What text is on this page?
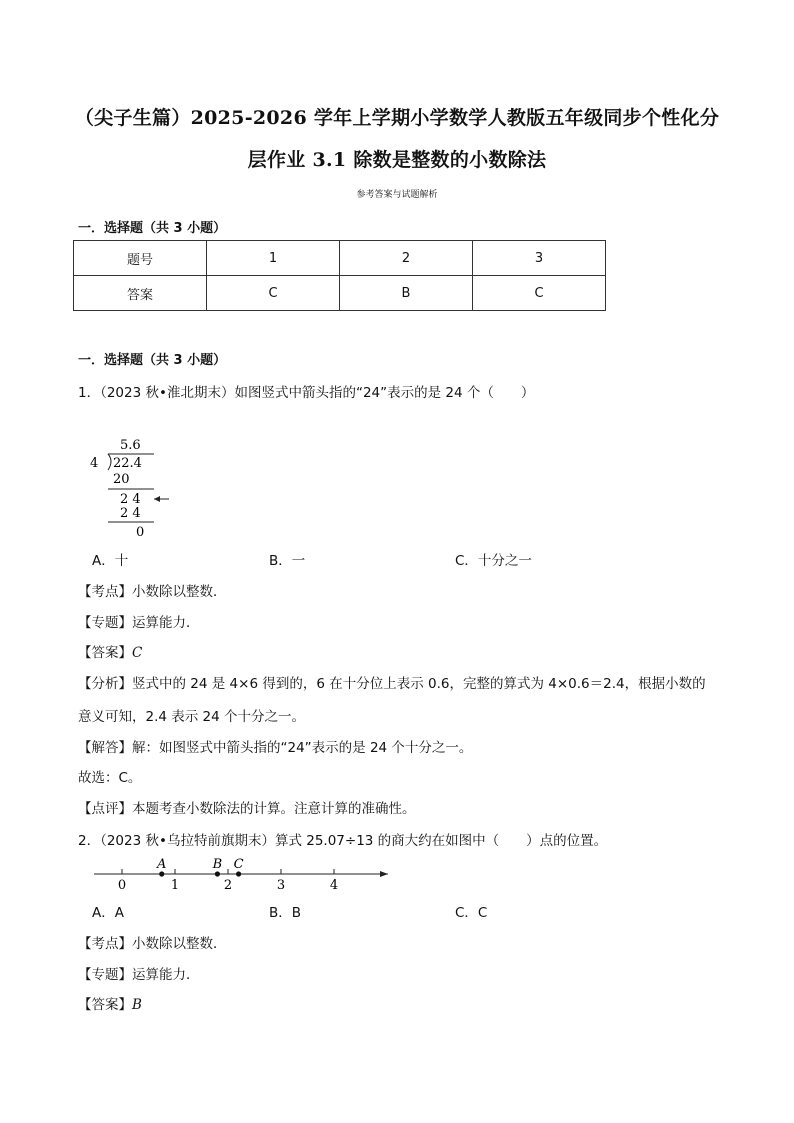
（尖子生篇）2025-2026 学年上学期小学数学人教版五年级同步个性化分
层作业 3.1 除数是整数的小数除法
参考答案与试题解析
一．选择题（共 3 小题）
题号	1	2	3
答案	C	B	C
一．选择题（共 3 小题）
1．（2023 秋•淮北期末）如图竖式中箭头指的“24”表示的是 24 个（　　）
5.6
4 22.4
20
2 4
2 4
0
A．十	B．一	C．十分之一
【考点】小数除以整数．
【专题】运算能力．
【答案】C
【分析】竖式中的 24 是 4×6 得到的，6 在十分位上表示 0.6，完整的算式为 4×0.6＝2.4，根据小数的
意义可知，2.4 表示 24 个十分之一。
【解答】解：如图竖式中箭头指的“24”表示的是 24 个十分之一。
故选：C。
【点评】本题考查小数除法的计算。注意计算的准确性。
2．（2023 秋•乌拉特前旗期末）算式 25.07÷13 的商大约在如图中（　　）点的位置。
0	1	2	3	4
A	B C
A．A	B．B	C．C
【考点】小数除以整数．
【专题】运算能力．
【答案】B
